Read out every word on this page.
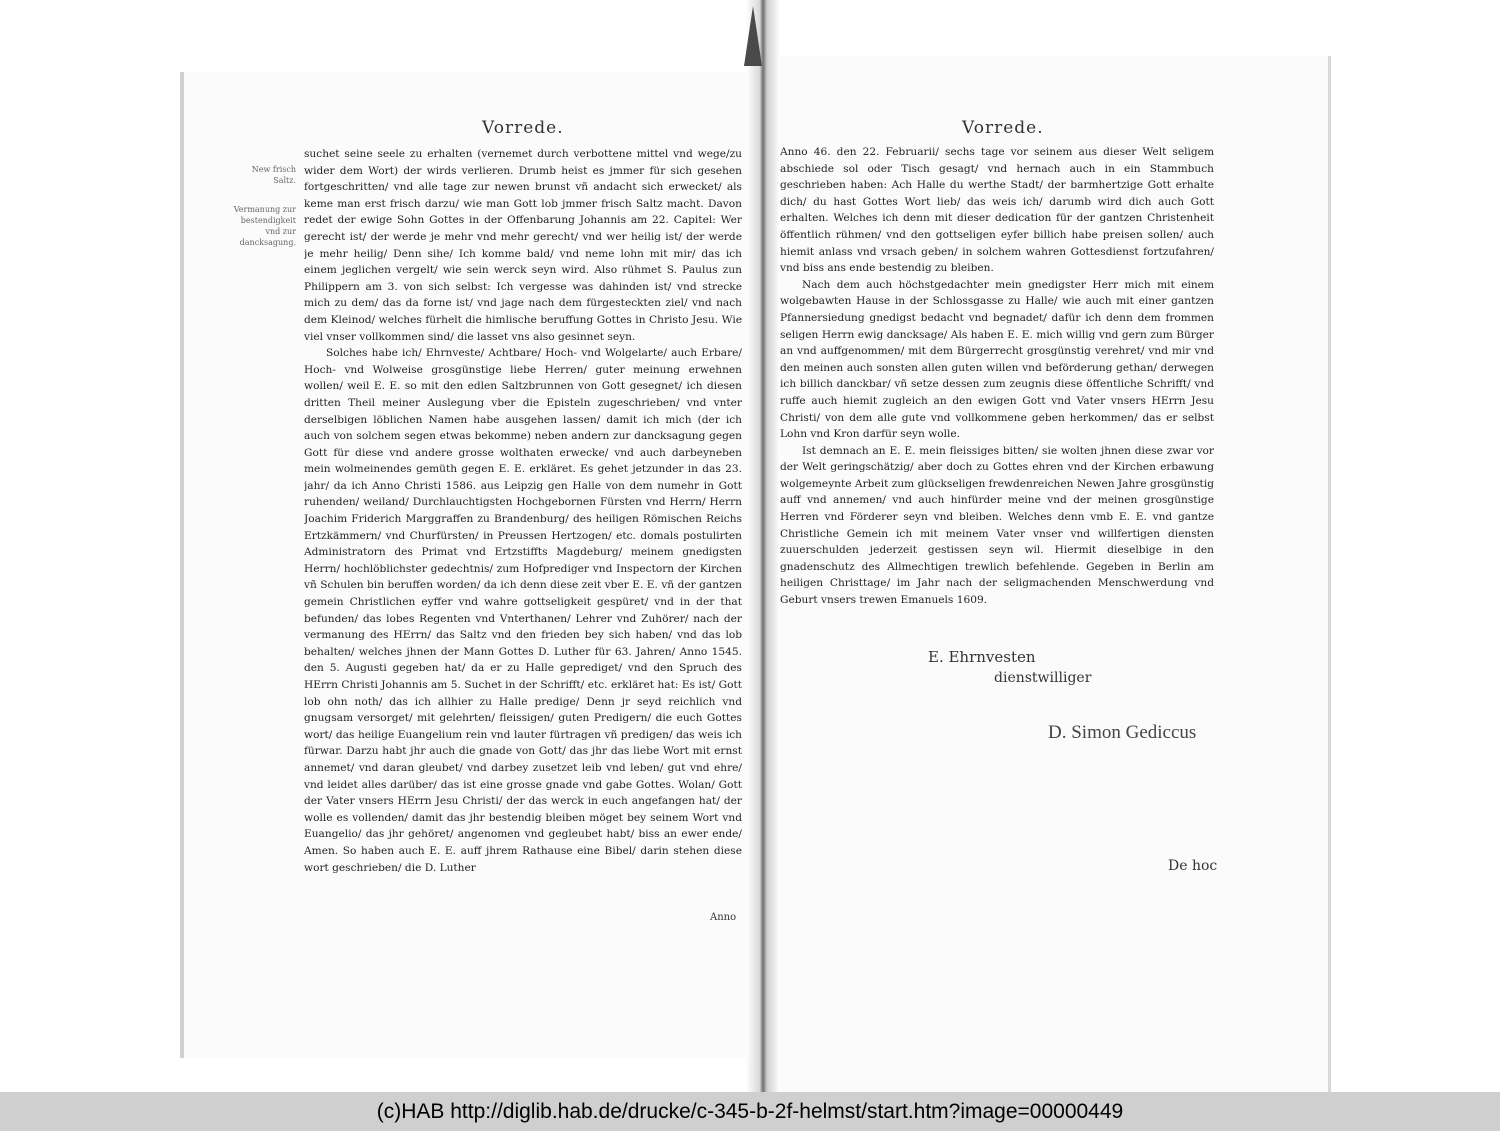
Vorrede.
New frisch Saltz.
Vermanung zur bestendigkeit vnd zur dancksagung.

suchet seine seele zu erhalten (vernemet durch verbottene mittel vnd wege/zu wider dem Wort) der wirds verlieren. Drumb heist es jmmer für sich gesehen fortgeschritten/ vnd alle tage zur newen brunst vñ andacht sich erwecket/ als keme man erst frisch darzu/ wie man Gott lob jmmer frisch Saltz macht. Davon redet der ewige Sohn Gottes in der Offenbarung Johannis am 22. Capitel: Wer gerecht ist/ der werde je mehr vnd mehr gerecht/ vnd wer heilig ist/ der werde je mehr heilig/ Denn sihe/ Ich komme bald/ vnd neme lohn mit mir/ das ich einem jeglichen vergelt/ wie sein werck seyn wird. Also rühmet S. Paulus zun Philippern am 3. von sich selbst: Ich vergesse was dahinden ist/ vnd strecke mich zu dem/ das da forne ist/ vnd jage nach dem fürgesteckten ziel/ vnd nach dem Kleinod/ welches fürhelt die himlische beruffung Gottes in Christo Jesu. Wie viel vnser vollkommen sind/ die lasset vns also gesinnet seyn.

Solches habe ich/ Ehrnveste/ Achtbare/ Hoch- vnd Wolgelarte/ auch Erbare/ Hoch- vnd Wolweise grosgünstige liebe Herren/ guter meinung erwehnen wollen/ weil E. E. so mit den edlen Saltzbrunnen von Gott gesegnet/ ich diesen dritten Theil meiner Auslegung vber die Episteln zugeschrieben/ vnd vnter derselbigen löblichen Namen habe ausgehen lassen/ damit ich mich (der ich auch von solchem segen etwas bekomme) neben andern zur dancksagung gegen Gott für diese vnd andere grosse wolthaten erwecke/ vnd auch darbeyneben mein wolmeinendes gemüth gegen E. E. erkläret. Es gehet jetzunder in das 23. jahr/ da ich Anno Christi 1586. aus Leipzig gen Halle von dem numehr in Gott ruhenden/ weiland/ Durchlauchtigsten Hochgebornen Fürsten vnd Herrn/ Herrn Joachim Friderich Marggraffen zu Brandenburg/ des heiligen Römischen Reichs Ertzkämmern/ vnd Churfürsten/ in Preussen Hertzogen/ etc. domals postulirten Administratorn des Primat vnd Ertzstiffts Magdeburg/ meinem gnedigsten Herrn/ hochlöblichster gedechtnis/ zum Hofprediger vnd Inspectorn der Kirchen vñ Schulen bin beruffen worden/ da ich denn diese zeit vber E. E. vñ der gantzen gemein Christlichen eyffer vnd wahre gottseligkeit gespüret/ vnd in der that befunden/ das lobes Regenten vnd Vnterthanen/ Lehrer vnd Zuhörer/ nach der vermanung des HErrn/ das Saltz vnd den frieden bey sich haben/ vnd das lob behalten/ welches jhnen der Mann Gottes D. Luther für 63. Jahren/ Anno 1545. den 5. Augusti gegeben hat/ da er zu Halle geprediget/ vnd den Spruch des HErrn Christi Johannis am 5. Suchet in der Schrifft/ etc. erkläret hat: Es ist/ Gott lob ohn noth/ das ich allhier zu Halle predige/ Denn jr seyd reichlich vnd gnugsam versorget/ mit gelehrten/ fleissigen/ guten Predigern/ die euch Gottes wort/ das heilige Euangelium rein vnd lauter fürtragen vñ predigen/ das weis ich fürwar. Darzu habt jhr auch die gnade von Gott/ das jhr das liebe Wort mit ernst annemet/ vnd daran gleubet/ vnd darbey zusetzet leib vnd leben/ gut vnd ehre/ vnd leidet alles darüber/ das ist eine grosse gnade vnd gabe Gottes. Wolan/ Gott der Vater vnsers HErrn Jesu Christi/ der das werck in euch angefangen hat/ der wolle es vollenden/ damit das jhr bestendig bleiben möget bey seinem Wort vnd Euangelio/ das jhr gehöret/ angenomen vnd gegleubet habt/ biss an ewer ende/ Amen. So haben auch E. E. auff jhrem Rathause eine Bibel/ darin stehen diese wort geschrieben/ die D. Luther

Anno
Vorrede.

Anno 46. den 22. Februarii/ sechs tage vor seinem aus dieser Welt seligem abschiede sol oder Tisch gesagt/ vnd hernach auch in ein Stammbuch geschrieben haben: Ach Halle du werthe Stadt/ der barmhertzige Gott erhalte dich/ du hast Gottes Wort lieb/ das weis ich/ darumb wird dich auch Gott erhalten. Welches ich denn mit dieser dedication für der gantzen Christenheit öffentlich rühmen/ vnd den gottseligen eyfer billich habe preisen sollen/ auch hiemit anlass vnd vrsach geben/ in solchem wahren Gottesdienst fortzufahren/ vnd biss ans ende bestendig zu bleiben.

Nach dem auch höchstgedachter mein gnedigster Herr mich mit einem wolgebawten Hause in der Schlossgasse zu Halle/ wie auch mit einer gantzen Pfannersiedung gnedigst bedacht vnd begnadet/ dafür ich denn dem frommen seligen Herrn ewig dancksage/ Als haben E. E. mich willig vnd gern zum Bürger an vnd auffgenommen/ mit dem Bürgerrecht grosgünstig verehret/ vnd mir vnd den meinen auch sonsten allen guten willen vnd beförderung gethan/ derwegen ich billich danckbar/ vñ setze dessen zum zeugnis diese öffentliche Schrifft/ vnd ruffe auch hiemit zugleich an den ewigen Gott vnd Vater vnsers HErrn Jesu Christi/ von dem alle gute vnd vollkommene geben herkommen/ das er selbst Lohn vnd Kron darfür seyn wolle.

Ist demnach an E. E. mein fleissiges bitten/ sie wolten jhnen diese zwar vor der Welt geringschätzig/ aber doch zu Gottes ehren vnd der Kirchen erbawung wolgemeynte Arbeit zum glückseligen frewdenreichen Newen Jahre grosgünstig auff vnd annemen/ vnd auch hinfürder meine vnd der meinen grosgünstige Herren vnd Förderer seyn vnd bleiben. Welches denn vmb E. E. vnd gantze Christliche Gemein ich mit meinem Vater vnser vnd willfertigen diensten zuuerschulden jederzeit gestissen seyn wil. Hiermit dieselbige in den gnadenschutz des Allmechtigen trewlich befehlende. Gegeben in Berlin am heiligen Christtage/ im Jahr nach der seligmachenden Menschwerdung vnd Geburt vnsers trewen Emanuels 1609.

E. Ehrnvesten
dienstwilliger
D. Simon Gediccus
De hoc
(c)HAB http://diglib.hab.de/drucke/c-345-b-2f-helmst/start.htm?image=00000449
